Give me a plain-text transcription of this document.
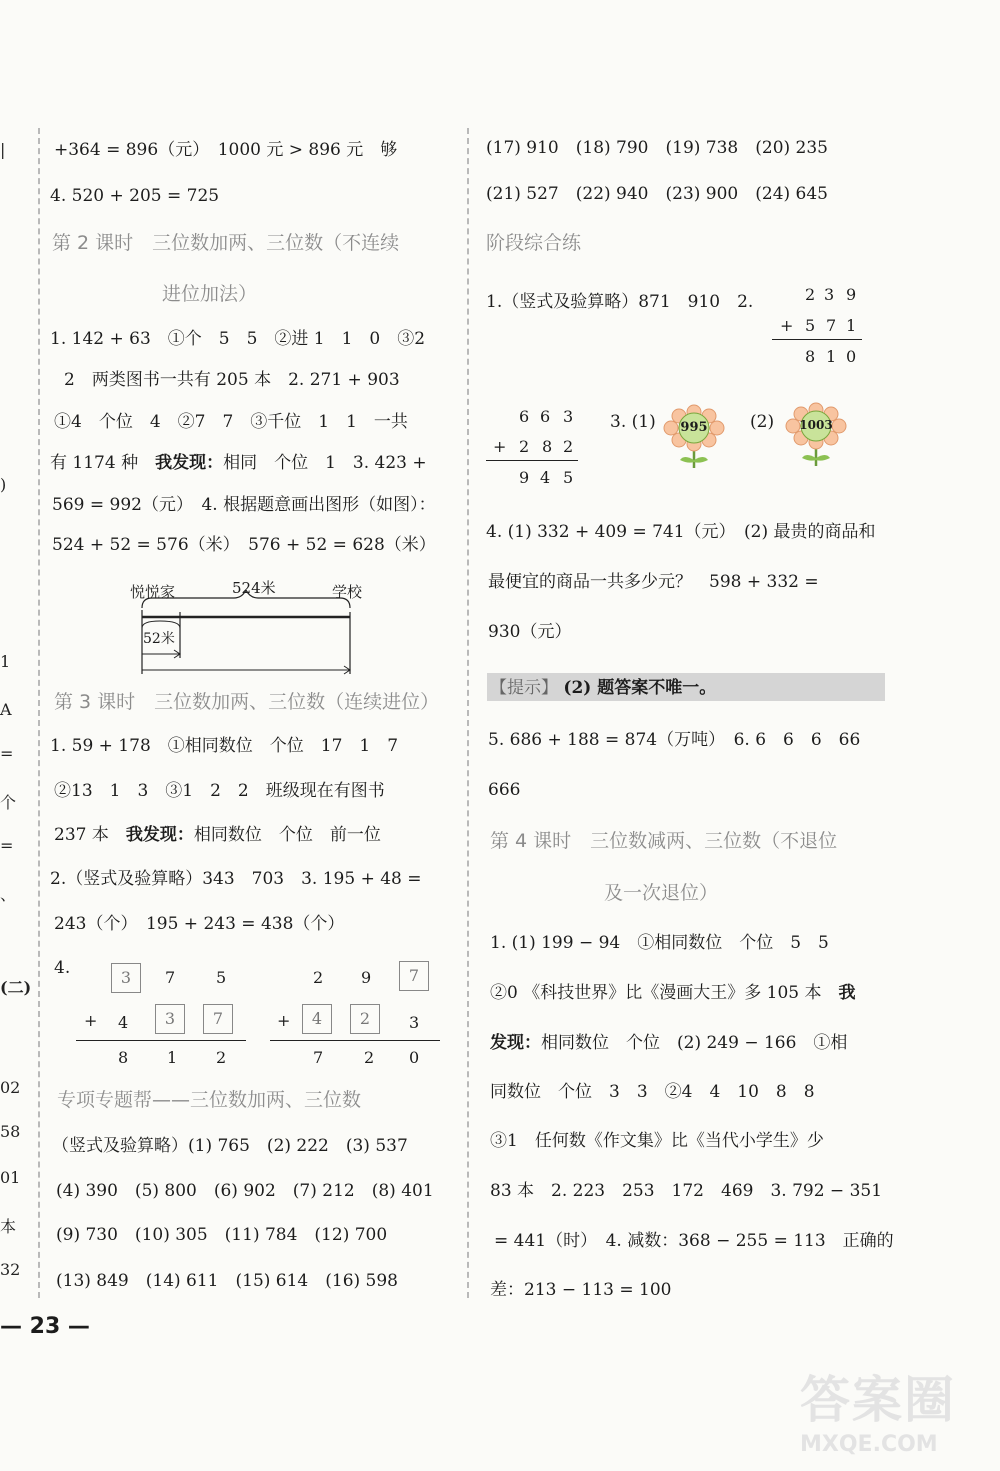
|
)
1
A
=
个
=
、
(二)
02
58
01
本
32
+364 = 896（元）　1000 元 > 896 元　够
4. 520 + 205 = 725
第 2 课时　三位数加两、三位数（不连续
进位加法）
1. 142 + 63　①个　5　5　②进 1　1　0　③2
2　两类图书一共有 205 本　2. 271 + 903
①4　个位　4　②7　7　③千位　1　1　一共
有 1174 种　我发现：相同　个位　1　3. 423 +
569 = 992（元）　4. 根据题意画出图形（如图）：
524 + 52 = 576（米）　576 + 52 = 628（米）
悦悦家	524米	学校
52米
第 3 课时　三位数加两、三位数（连续进位）
1. 59 + 178　①相同数位　个位　17　1　7
②13　1　3　③1　2　2　班级现在有图书
237 本　我发现：相同数位　个位　前一位
2.（竖式及验算略）343　703　3. 195 + 48 =
243（个）　195 + 243 = 438（个）
4.	3	7	5
+ 4	3	7
8 1 2
2 9	7
+	4	2	3
7	2 0
专项专题帮——三位数加两、三位数
（竖式及验算略）(1) 765　(2) 222　(3) 537
(4) 390　(5) 800　(6) 902　(7) 212　(8) 401
(9) 730　(10) 305　(11) 784　(12) 700
(13) 849　(14) 611　(15) 614　(16) 598
(17) 910　(18) 790　(19) 738　(20) 235
(21) 527　(22) 940　(23) 900　(24) 645
阶段综合练
1.（竖式及验算略）871　910　2.	2 3 9
+ 5 7 1
8 1 0
6 6 3
+ 2 8 2
9 4 5
3. (1)	995	(2)	1003
4. (1) 332 + 409 = 741（元）　(2) 最贵的商品和
最便宜的商品一共多少元？　598 + 332 =
930（元）
【提示】 (2) 题答案不唯一。
5. 686 + 188 = 874（万吨）　6. 6　6　6　66
666
第 4 课时　三位数减两、三位数（不退位
及一次退位）
1. (1) 199 − 94　①相同数位　个位　5　5
②0 《科技世界》比《漫画大王》多 105 本　我
发现：相同数位　个位　(2) 249 − 166　①相
同数位　个位　3　3　②4　4　10　8　8
③1　任何数《作文集》比《当代小学生》少
83 本　2. 223　253　172　469　3. 792 − 351
= 441（时）　4. 减数：368 − 255 = 113　正确的
差：213 − 113 = 100
— 23 —
答案圈
MXQE.COM
